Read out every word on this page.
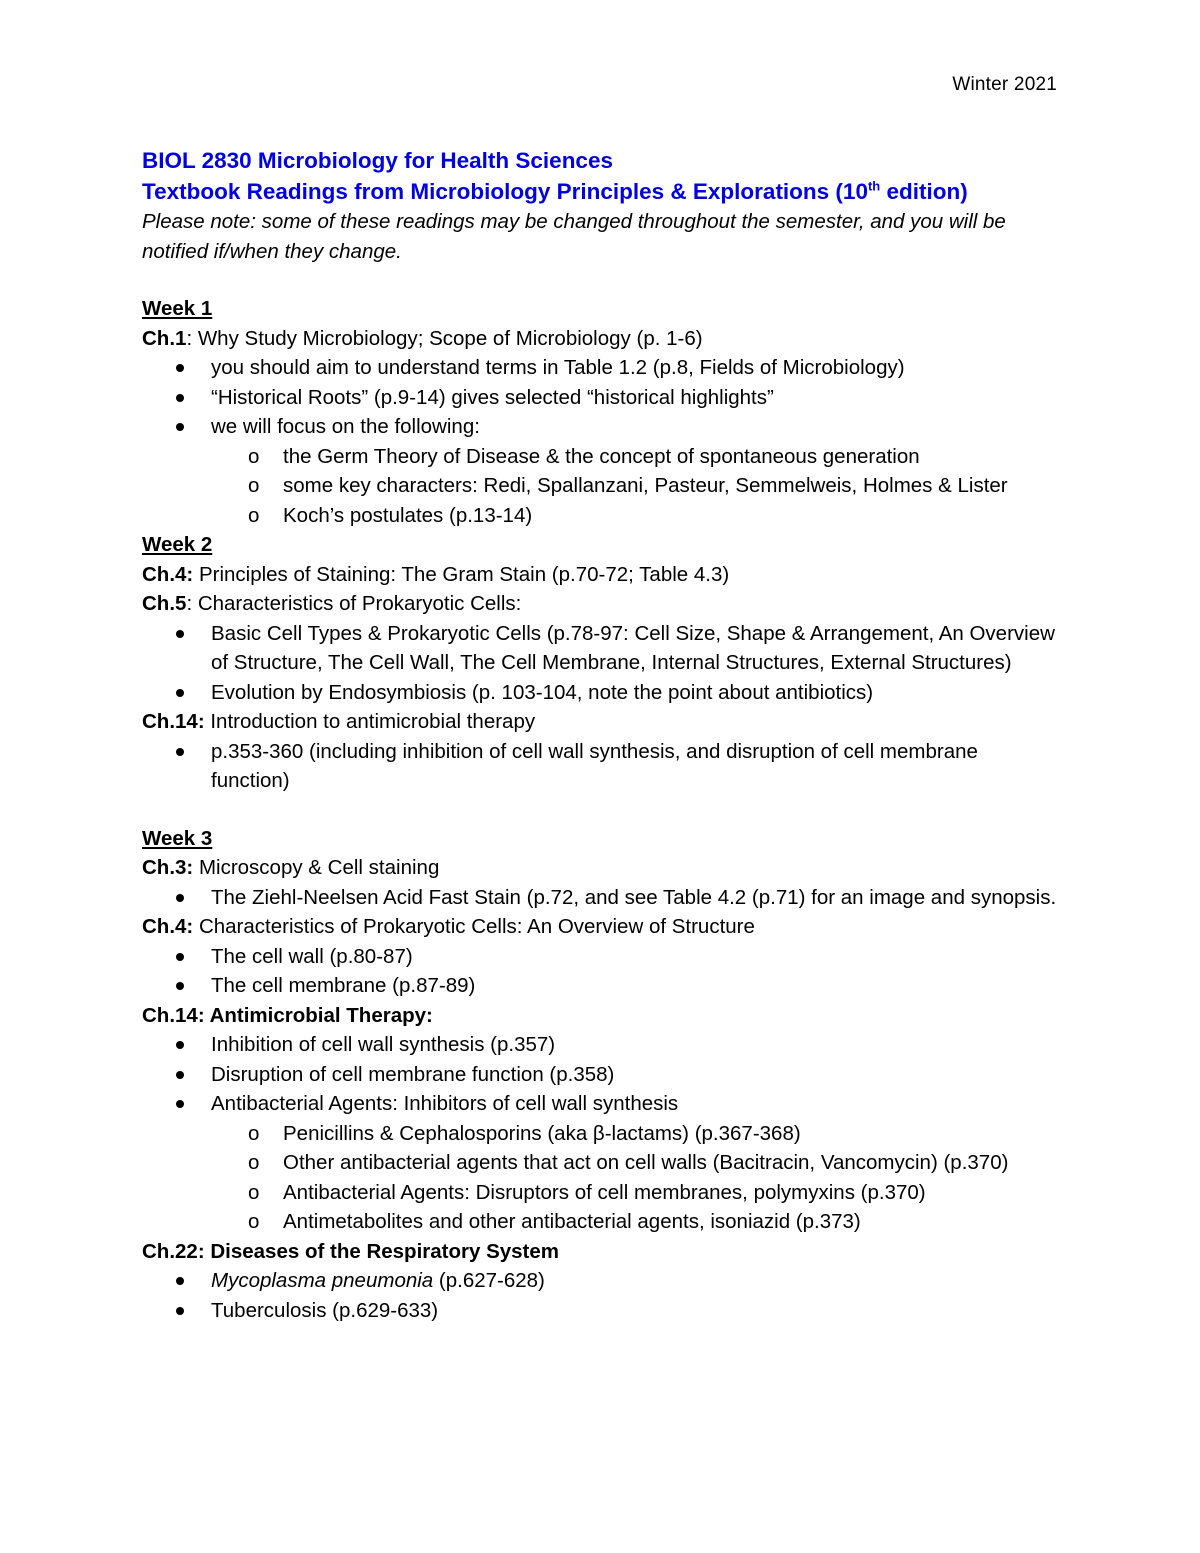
Winter 2021
BIOL 2830 Microbiology for Health Sciences
Textbook Readings from Microbiology Principles & Explorations (10th edition)
Please note: some of these readings may be changed throughout the semester, and you will be notified if/when they change.
Week 1
Ch.1: Why Study Microbiology; Scope of Microbiology (p. 1-6)
you should aim to understand terms in Table 1.2 (p.8, Fields of Microbiology)
“Historical Roots” (p.9-14) gives selected “historical highlights”
we will focus on the following:
o the Germ Theory of Disease & the concept of spontaneous generation
o some key characters: Redi, Spallanzani, Pasteur, Semmelweis, Holmes & Lister
o Koch’s postulates (p.13-14)
Week 2
Ch.4: Principles of Staining: The Gram Stain (p.70-72; Table 4.3)
Ch.5: Characteristics of Prokaryotic Cells:
Basic Cell Types & Prokaryotic Cells (p.78-97: Cell Size, Shape & Arrangement, An Overview of Structure, The Cell Wall, The Cell Membrane, Internal Structures, External Structures)
Evolution by Endosymbiosis (p. 103-104, note the point about antibiotics)
Ch.14: Introduction to antimicrobial therapy
p.353-360 (including inhibition of cell wall synthesis, and disruption of cell membrane function)
Week 3
Ch.3: Microscopy & Cell staining
The Ziehl-Neelsen Acid Fast Stain (p.72, and see Table 4.2 (p.71) for an image and synopsis.
Ch.4: Characteristics of Prokaryotic Cells: An Overview of Structure
The cell wall (p.80-87)
The cell membrane (p.87-89)
Ch.14: Antimicrobial Therapy:
Inhibition of cell wall synthesis (p.357)
Disruption of cell membrane function (p.358)
Antibacterial Agents: Inhibitors of cell wall synthesis
o Penicillins & Cephalosporins (aka β-lactams) (p.367-368)
o Other antibacterial agents that act on cell walls (Bacitracin, Vancomycin) (p.370)
o Antibacterial Agents: Disruptors of cell membranes, polymyxins (p.370)
o Antimetabolites and other antibacterial agents, isoniazid (p.373)
Ch.22: Diseases of the Respiratory System
Mycoplasma pneumonia (p.627-628)
Tuberculosis (p.629-633)
